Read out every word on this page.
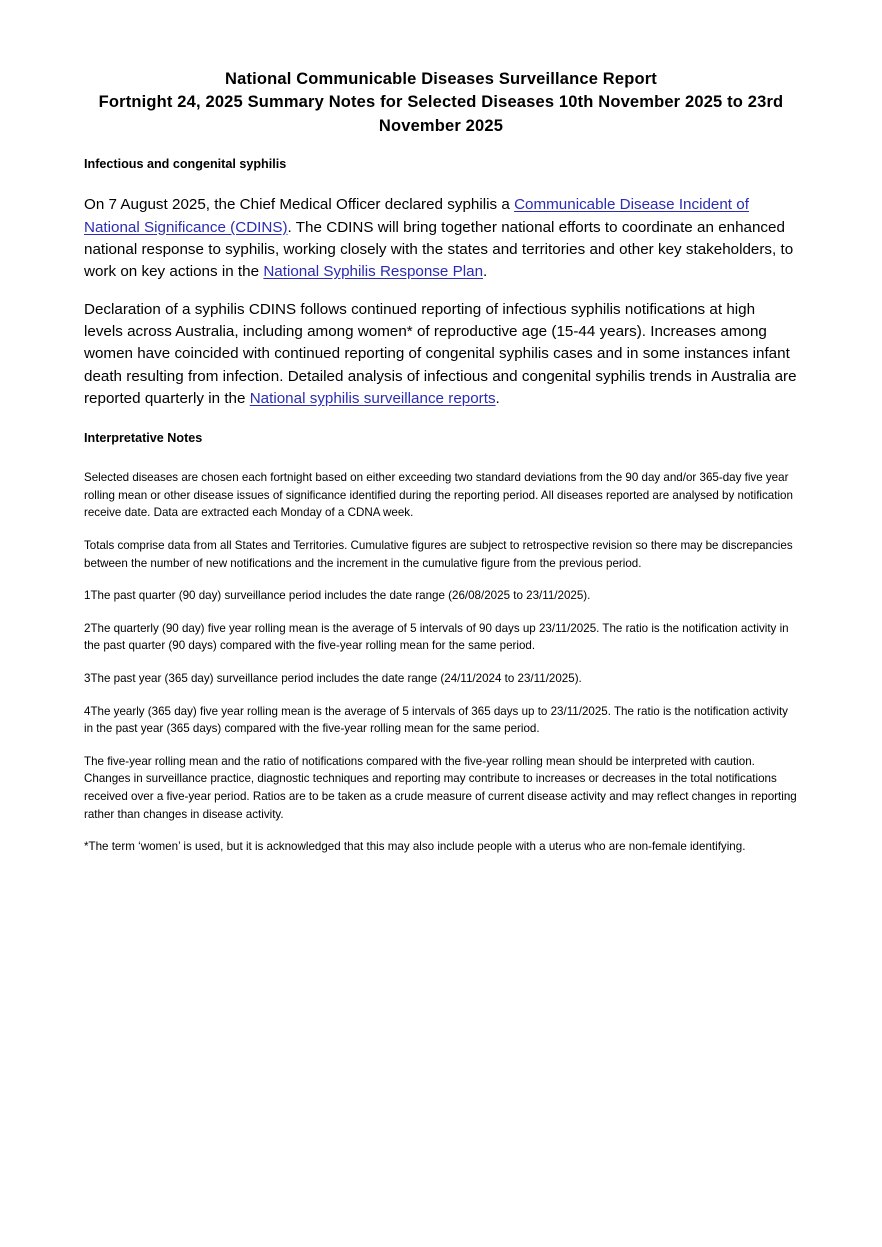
National Communicable Diseases Surveillance Report
Fortnight 24, 2025 Summary Notes for Selected Diseases 10th November 2025 to 23rd
November 2025
Infectious and congenital syphilis

On 7 August 2025, the Chief Medical Officer declared syphilis a Communicable Disease Incident of National Significance (CDINS). The CDINS will bring together national efforts to coordinate an enhanced national response to syphilis, working closely with the states and territories and other key stakeholders, to work on key actions in the National Syphilis Response Plan.

Declaration of a syphilis CDINS follows continued reporting of infectious syphilis notifications at high levels across Australia, including among women* of reproductive age (15-44 years). Increases among women have coincided with continued reporting of congenital syphilis cases and in some instances infant death resulting from infection. Detailed analysis of infectious and congenital syphilis trends in Australia are reported quarterly in the National syphilis surveillance reports.

Interpretative Notes

Selected diseases are chosen each fortnight based on either exceeding two standard deviations from the 90 day and/or 365-day five year rolling mean or other disease issues of significance identified during the reporting period. All diseases reported are analysed by notification receive date. Data are extracted each Monday of a CDNA week.

Totals comprise data from all States and Territories. Cumulative figures are subject to retrospective revision so there may be discrepancies between the number of new notifications and the increment in the cumulative figure from the previous period.

1The past quarter (90 day) surveillance period includes the date range (26/08/2025 to 23/11/2025).

2The quarterly (90 day) five year rolling mean is the average of 5 intervals of 90 days up 23/11/2025. The ratio is the notification activity in the past quarter (90 days) compared with the five-year rolling mean for the same period.

3The past year (365 day) surveillance period includes the date range (24/11/2024 to 23/11/2025).

4The yearly (365 day) five year rolling mean is the average of 5 intervals of 365 days up to 23/11/2025. The ratio is the notification activity in the past year (365 days) compared with the five-year rolling mean for the same period.

The five-year rolling mean and the ratio of notifications compared with the five-year rolling mean should be interpreted with caution. Changes in surveillance practice, diagnostic techniques and reporting may contribute to increases or decreases in the total notifications received over a five-year period. Ratios are to be taken as a crude measure of current disease activity and may reflect changes in reporting rather than changes in disease activity.

*The term ‘women’ is used, but it is acknowledged that this may also include people with a uterus who are non-female identifying.
